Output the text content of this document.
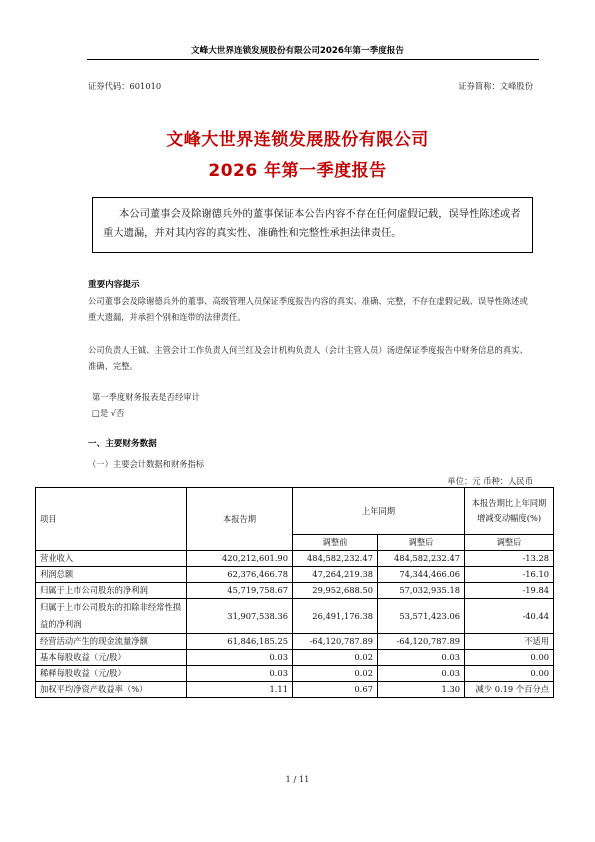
文峰大世界连锁发展股份有限公司2026年第一季度报告
证券代码：601010	证券简称：文峰股份
文峰大世界连锁发展股份有限公司
2026 年第一季度报告
本公司董事会及除谢德兵外的董事保证本公告内容不存在任何虚假记载，误导性陈述或者重大遗漏，并对其内容的真实性、准确性和完整性承担法律责任。
重要内容提示
公司董事会及除谢德兵外的董事、高级管理人员保证季度报告内容的真实、准确、完整，不存在虚假记载、误导性陈述或重大遗漏，并承担个别和连带的法律责任。
公司负责人王钺、主管会计工作负责人何兰红及会计机构负责人（会计主管人员）汤进保证季度报告中财务信息的真实、准确、完整。
第一季度财务报表是否经审计
□是 √否
一、主要财务数据
（一）主要会计数据和财务指标
单位：元 币种：人民币
项目	本报告期	上年同期		本报告期比上年同期增减变动幅度(%)
		调整前	调整后	调整后
营业收入	420,212,601.90	484,582,232.47	484,582,232.47	-13.28
利润总额	62,376,466.78	47,264,219.38	74,344,466.06	-16.10
归属于上市公司股东的净利润	45,719,758.67	29,952,688.50	57,032,935.18	-19.84
归属于上市公司股东的扣除非经常性损益的净利润	31,907,538.36	26,491,176.38	53,571,423.06	-40.44
经营活动产生的现金流量净额	61,846,185.25	-64,120,787.89	-64,120,787.89	不适用
基本每股收益（元/股）	0.03	0.02	0.03	0.00
稀释每股收益（元/股）	0.03	0.02	0.03	0.00
加权平均净资产收益率（%）	1.11	0.67	1.30	减少 0.19 个百分点
1 / 11
